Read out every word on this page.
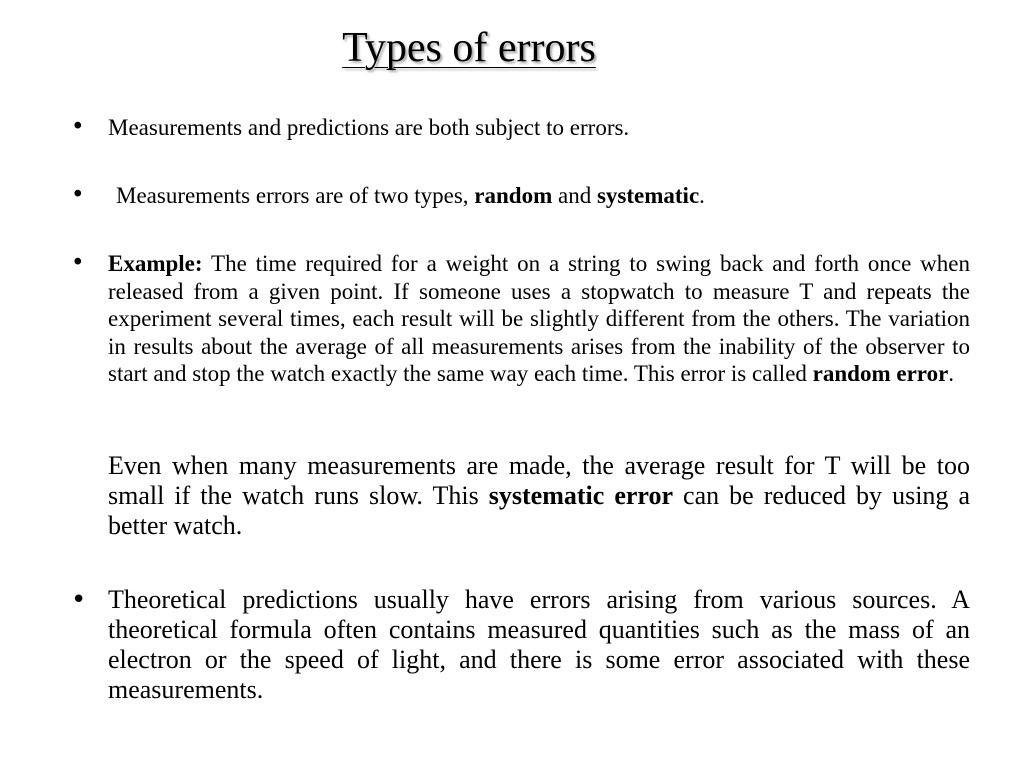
Types of errors
• Measurements and predictions are both subject to errors.
• Measurements errors are of two types, random and systematic.
• Example: The time required for a weight on a string to swing back and forth once when released from a given point. If someone uses a stopwatch to measure T and repeats the experiment several times, each result will be slightly different from the others. The variation in results about the average of all measurements arises from the inability of the observer to start and stop the watch exactly the same way each time. This error is called random error.
• Theoretical predictions usually have errors arising from various sources. A theoretical formula often contains measured quantities such as the mass of an electron or the speed of light, and there is some error associated with these measurements.

Even when many measurements are made, the average result for T will be too small if the watch runs slow. This systematic error can be reduced by using a better watch.
